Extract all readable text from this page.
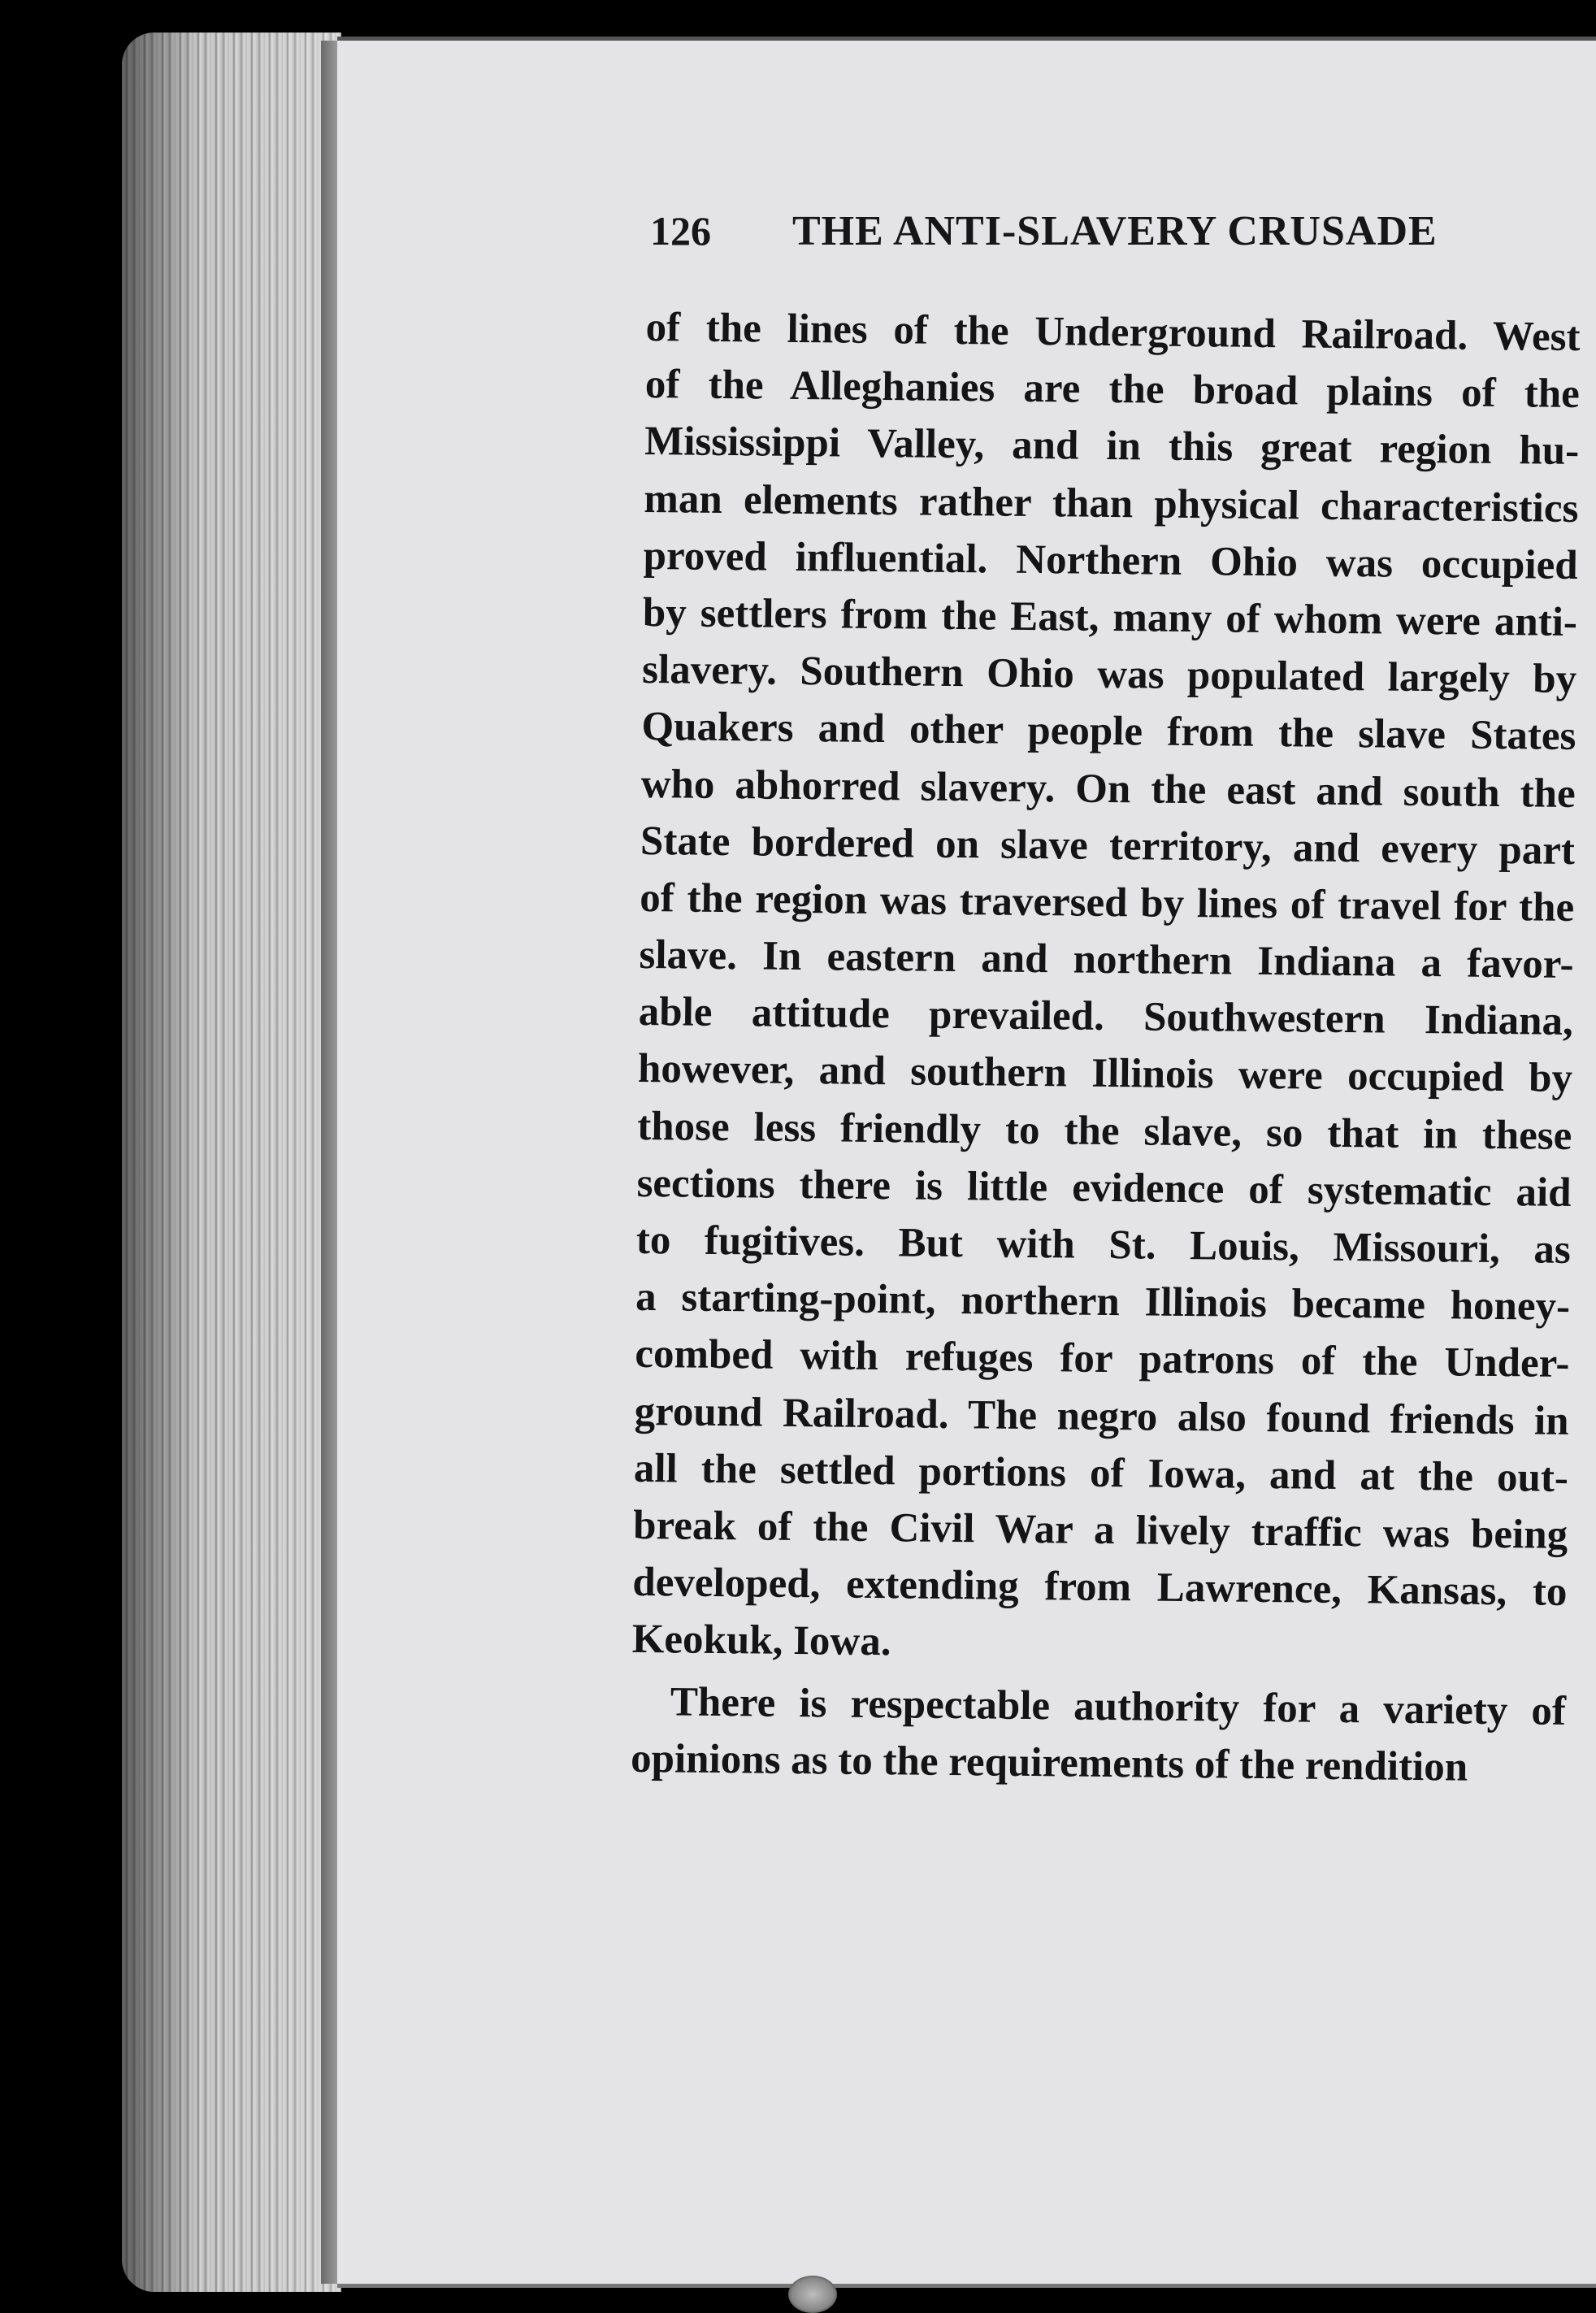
126 THE ANTI-SLAVERY CRUSADE
of the lines of the Underground Railroad. West
of the Alleghanies are the broad plains of the
Mississippi Valley, and in this great region hu-
man elements rather than physical characteristics
proved influential. Northern Ohio was occupied
by settlers from the East, many of whom were anti-
slavery. Southern Ohio was populated largely by
Quakers and other people from the slave States
who abhorred slavery. On the east and south the
State bordered on slave territory, and every part
of the region was traversed by lines of travel for the
slave. In eastern and northern Indiana a favor-
able attitude prevailed. Southwestern Indiana,
however, and southern Illinois were occupied by
those less friendly to the slave, so that in these
sections there is little evidence of systematic aid
to fugitives. But with St. Louis, Missouri, as
a starting-point, northern Illinois became honey-
combed with refuges for patrons of the Under-
ground Railroad. The negro also found friends in
all the settled portions of Iowa, and at the out-
break of the Civil War a lively traffic was being
developed, extending from Lawrence, Kansas, to
Keokuk, Iowa.
There is respectable authority for a variety of
opinions as to the requirements of the rendition
